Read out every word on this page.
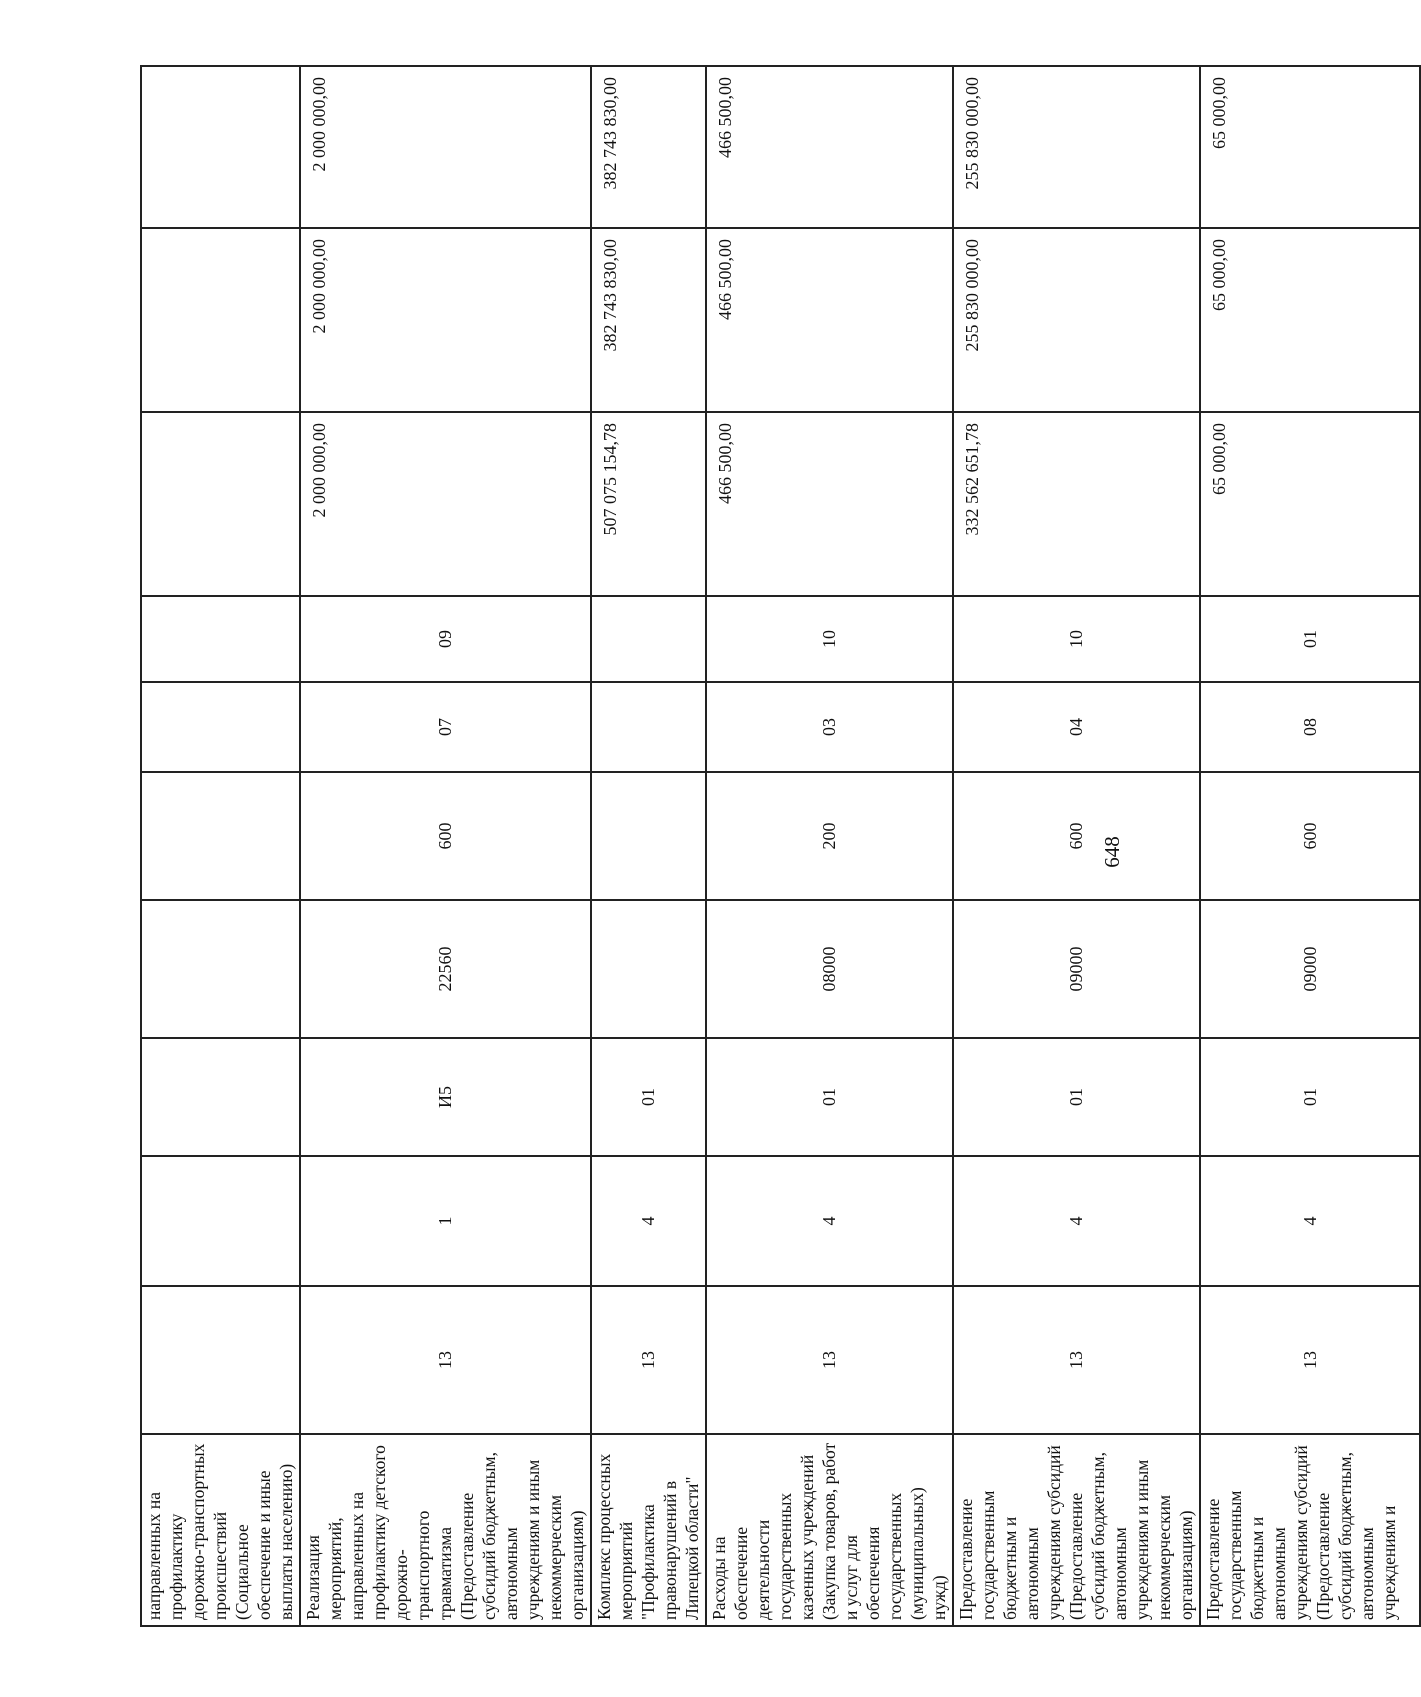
648
направленных на профилактику дорожно-транспортных происшествий (Социальное обеспечение и иные выплаты населению)										
Реализация мероприятий, направленных на профилактику детского дорожно-транспортного травматизма (Предоставление субсидий бюджетным, автономным учреждениям и иным некоммерческим организациям)	13	1	И5	22560	600	07	09	2 000 000,00	2 000 000,00	2 000 000,00
Комплекс процессных мероприятий "Профилактика правонарушений в Липецкой области"	13	4	01					507 075 154,78	382 743 830,00	382 743 830,00
Расходы на обеспечение деятельности государственных казенных учреждений (Закупка товаров, работ и услуг для обеспечения государственных (муниципальных) нужд)	13	4	01	08000	200	03	10	466 500,00	466 500,00	466 500,00
Предоставление государственным бюджетным и автономным учреждениям субсидий (Предоставление субсидий бюджетным, автономным учреждениям и иным некоммерческим организациям)	13	4	01	09000	600	04	10	332 562 651,78	255 830 000,00	255 830 000,00
Предоставление государственным бюджетным и автономным учреждениям субсидий (Предоставление субсидий бюджетным, автономным учреждениям и	13	4	01	09000	600	08	01	65 000,00	65 000,00	65 000,00
